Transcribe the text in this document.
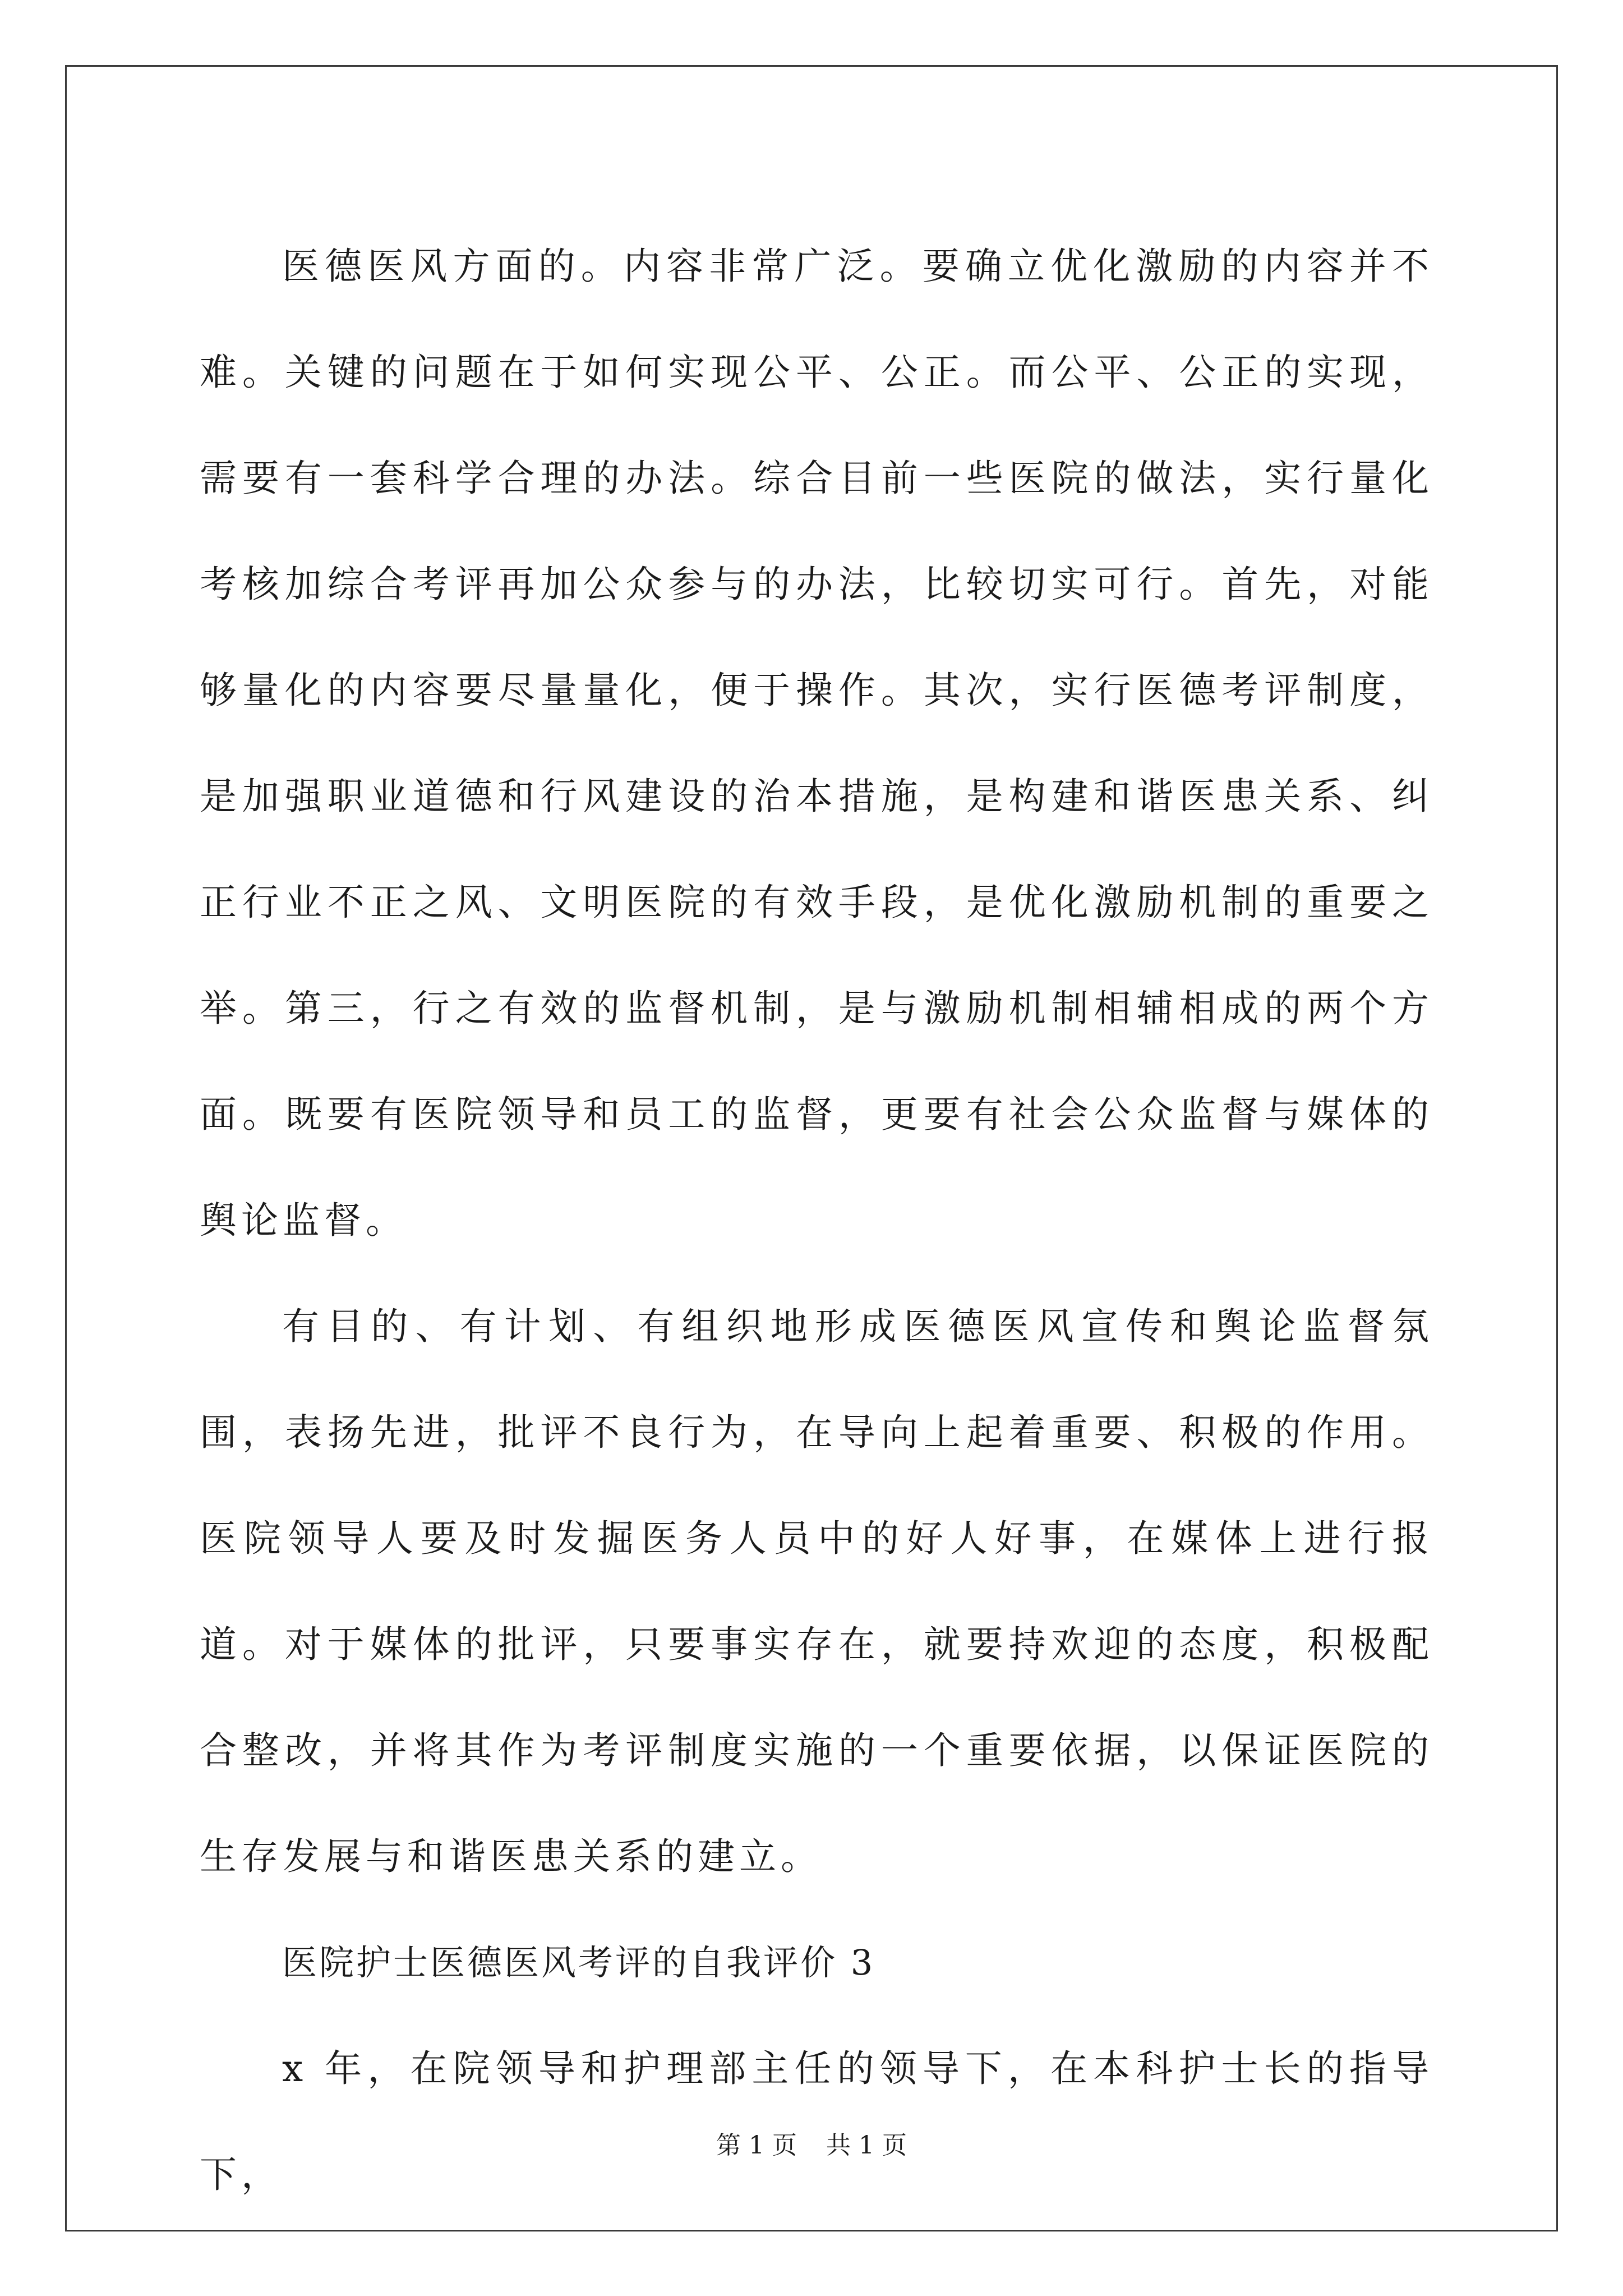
医德医风方面的。内容非常广泛。要确立优化激励的内容并不难。关键的问题在于如何实现公平、公正。而公平、公正的实现，需要有一套科学合理的办法。综合目前一些医院的做法，实行量化考核加综合考评再加公众参与的办法，比较切实可行。首先，对能够量化的内容要尽量量化，便于操作。其次，实行医德考评制度，是加强职业道德和行风建设的治本措施，是构建和谐医患关系、纠正行业不正之风、文明医院的有效手段，是优化激励机制的重要之举。第三，行之有效的监督机制，是与激励机制相辅相成的两个方面。既要有医院领导和员工的监督，更要有社会公众监督与媒体的舆论监督。

有目的、有计划、有组织地形成医德医风宣传和舆论监督氛围，表扬先进，批评不良行为，在导向上起着重要、积极的作用。医院领导人要及时发掘医务人员中的好人好事，在媒体上进行报道。对于媒体的批评，只要事实存在，就要持欢迎的态度，积极配合整改，并将其作为考评制度实施的一个重要依据，以保证医院的生存发展与和谐医患关系的建立。

医院护士医德医风考评的自我评价 3

x 年，在院领导和护理部主任的领导下，在本科护士长的指导下，

第 1 页 共 1 页
